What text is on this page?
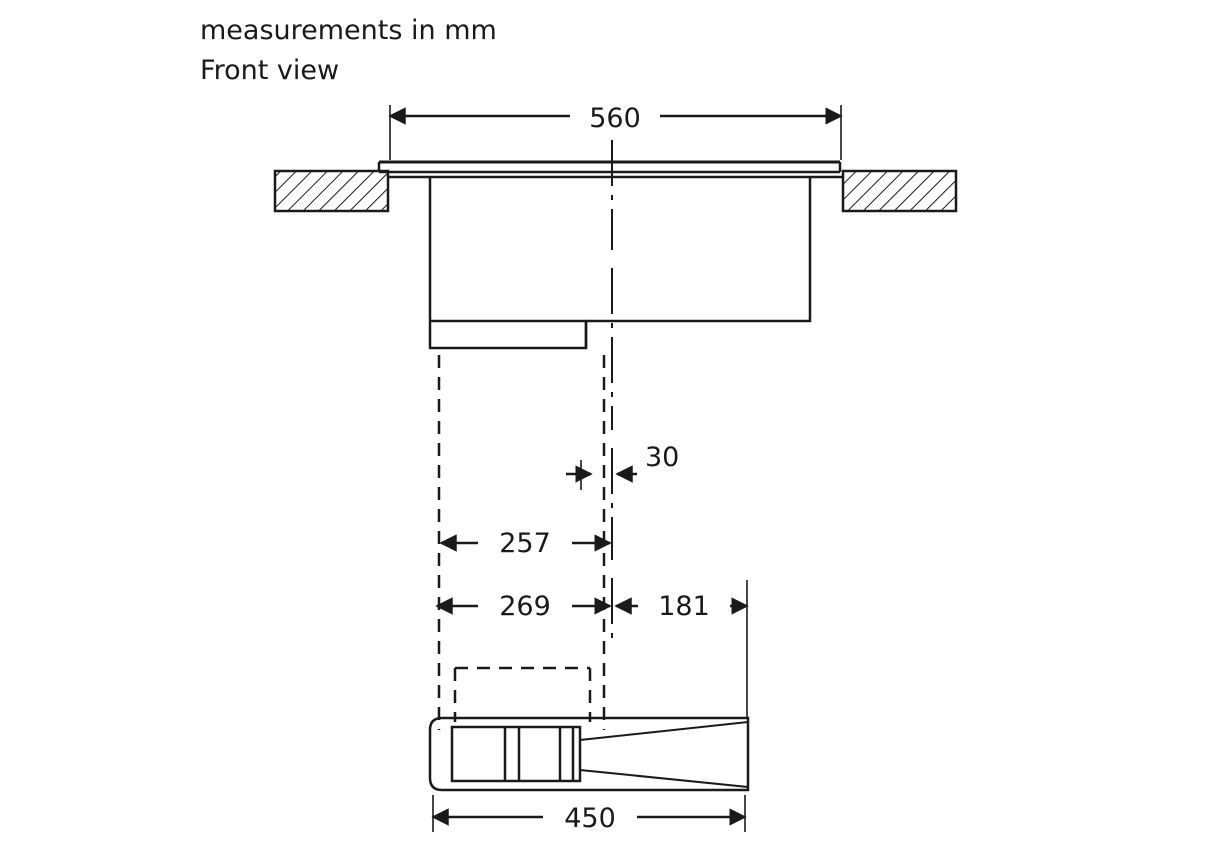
measurements in mm
Front view
560
30
257
269	181
450
